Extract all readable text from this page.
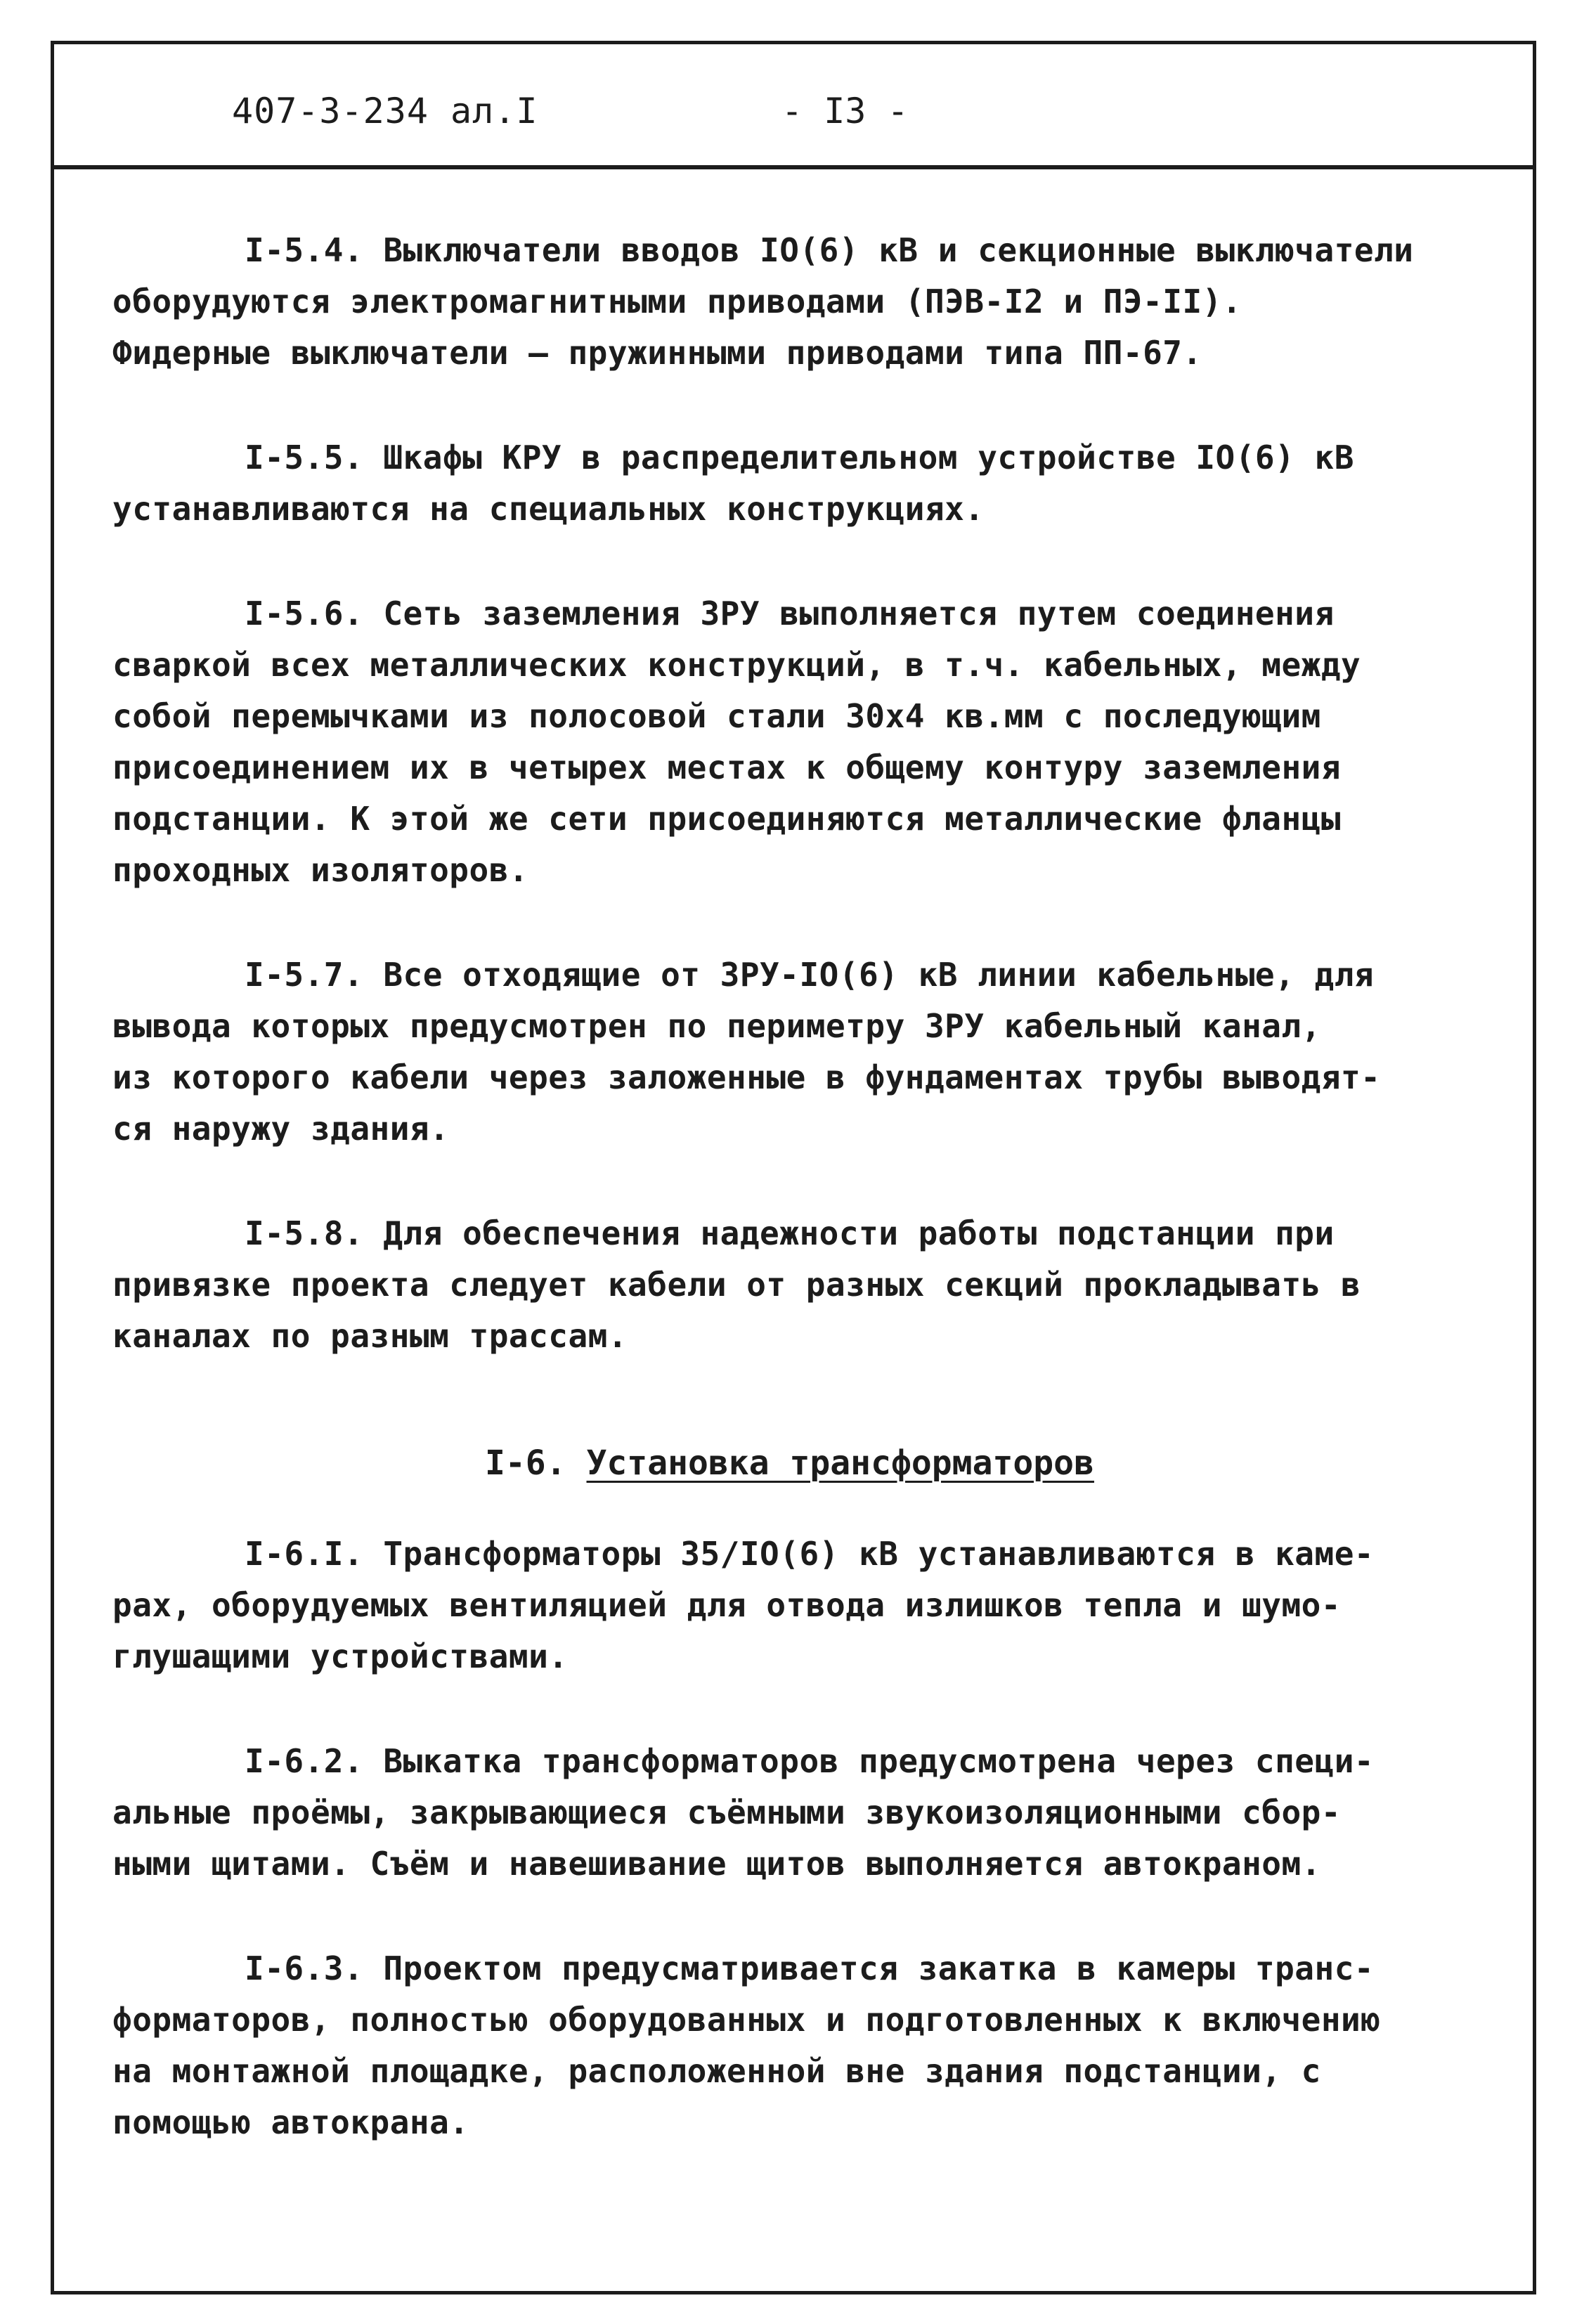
407-3-234 ал.I	- I3 -

I-5.4. Выключатели вводов IO(6) кВ и секционные выключатели
оборудуются электромагнитными приводами (ПЭВ-I2 и ПЭ-II).
Фидерные выключатели – пружинными приводами типа ПП-67.

I-5.5. Шкафы КРУ в распределительном устройстве IO(6) кВ
устанавливаются на специальных конструкциях.

I-5.6. Сеть заземления ЗРУ выполняется путем соединения
сваркой всех металлических конструкций, в т.ч. кабельных, между
собой перемычками из полосовой стали 30х4 кв.мм с последующим
присоединением их в четырех местах к общему контуру заземления
подстанции. К этой же сети присоединяются металлические фланцы
проходных изоляторов.

I-5.7. Все отходящие от ЗРУ-IO(6) кВ линии кабельные, для
вывода которых предусмотрен по периметру ЗРУ кабельный канал,
из которого кабели через заложенные в фундаментах трубы выводят-
ся наружу здания.

I-5.8. Для обеспечения надежности работы подстанции при
привязке проекта следует кабели от разных секций прокладывать в
каналах по разным трассам.

I-6. Установка трансформаторов

I-6.I. Трансформаторы 35/IO(6) кВ устанавливаются в каме-
рах, оборудуемых вентиляцией для отвода излишков тепла и шумо-
глушащими устройствами.

I-6.2. Выкатка трансформаторов предусмотрена через специ-
альные проёмы, закрывающиеся съёмными звукоизоляционными сбор-
ными щитами. Съём и навешивание щитов выполняется автокраном.

I-6.3. Проектом предусматривается закатка в камеры транс-
форматоров, полностью оборудованных и подготовленных к включению
на монтажной площадке, расположенной вне здания подстанции, с
помощью автокрана.
